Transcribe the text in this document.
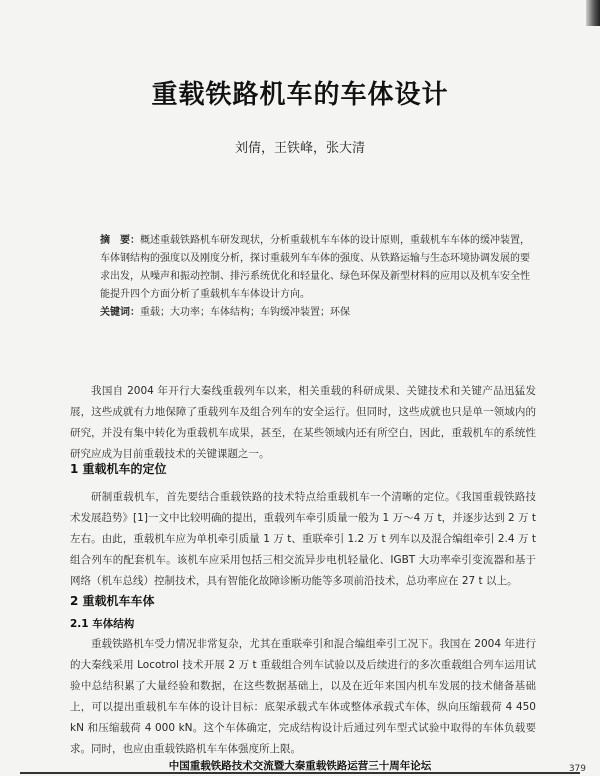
重载铁路机车的车体设计
刘倩，王铁峰，张大清
摘　要：概述重载铁路机车研发现状，分析重载机车车体的设计原则，重载机车车体的缓冲装置，车体钢结构的强度以及刚度分析，探讨重载列车车体的强度、从铁路运输与生态环境协调发展的要求出发，从噪声和振动控制、排污系统优化和轻量化、绿色环保及新型材料的应用以及机车安全性能提升四个方面分析了重载机车车体设计方向。
关键词：重载；大功率；车体结构；车钩缓冲装置；环保

我国自 2004 年开行大秦线重载列车以来，相关重载的科研成果、关键技术和关键产品迅猛发展，这些成就有力地保障了重载列车及组合列车的安全运行。但同时，这些成就也只是单一领域内的研究，并没有集中转化为重载机车成果，甚至，在某些领域内还有所空白，因此，重载机车的系统性研究应成为目前重载技术的关键课题之一。

1 重载机车的定位

研制重载机车，首先要结合重载铁路的技术特点给重载机车一个清晰的定位。《我国重载铁路技术发展趋势》[1]一文中比较明确的提出，重载列车牵引质量一般为 1 万～4 万 t，并逐步达到 2 万 t 左右。由此，重载机车应为单机牵引质量 1 万 t、重联牵引 1.2 万 t 列车以及混合编组牵引 2.4 万 t 组合列车的配套机车。该机车应采用包括三相交流异步电机轻量化、IGBT 大功率牵引变流器和基于网络（机车总线）控制技术，具有智能化故障诊断功能等多项前沿技术，总功率应在 27 t 以上。

2 重载机车车体
2.1 车体结构

重载铁路机车受力情况非常复杂，尤其在重联牵引和混合编组牵引工况下。我国在 2004 年进行的大秦线采用 Locotrol 技术开展 2 万 t 重载组合列车试验以及后续进行的多次重载组合列车运用试验中总结积累了大量经验和数据，在这些数据基础上，以及在近年来国内机车发展的技术储备基础上，可以提出重载机车车体的设计目标：底架承载式车体或整体承载式车体，纵向压缩载荷 4 450 kN 和压缩载荷 4 000 kN。这个车体确定，完成结构设计后通过列车型式试验中取得的车体负载要求。同时，也应由重载铁路机车车体强度所上限。

中国重载铁路技术交流暨大秦重载铁路运营三十周年论坛	379
